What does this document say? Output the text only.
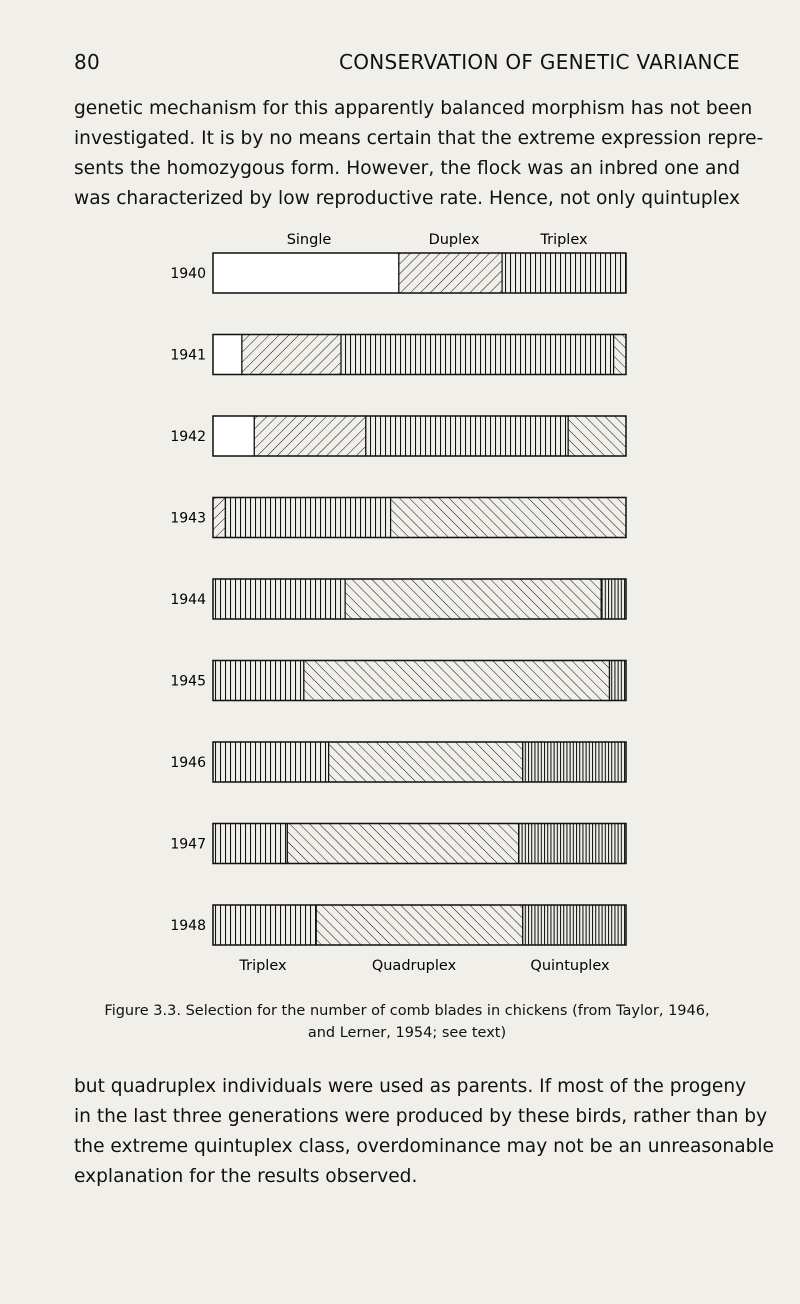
80	CONSERVATION OF GENETIC VARIANCE
genetic mechanism for this apparently balanced morphism has not been
investigated. It is by no means certain that the extreme expression repre-
sents the homozygous form. However, the flock was an inbred one and
was characterized by low reproductive rate. Hence, not only quintuplex
Single	Duplex	Triplex
1940
1941
1942
1943
1944
1945
1946
1947
1948
Triplex	Quadruplex	Quintuplex
Figure 3.3. Selection for the number of comb blades in chickens (from Taylor, 1946,
and Lerner, 1954; see text)
but quadruplex individuals were used as parents. If most of the progeny
in the last three generations were produced by these birds, rather than by
the extreme quintuplex class, overdominance may not be an unreasonable
explanation for the results observed.
